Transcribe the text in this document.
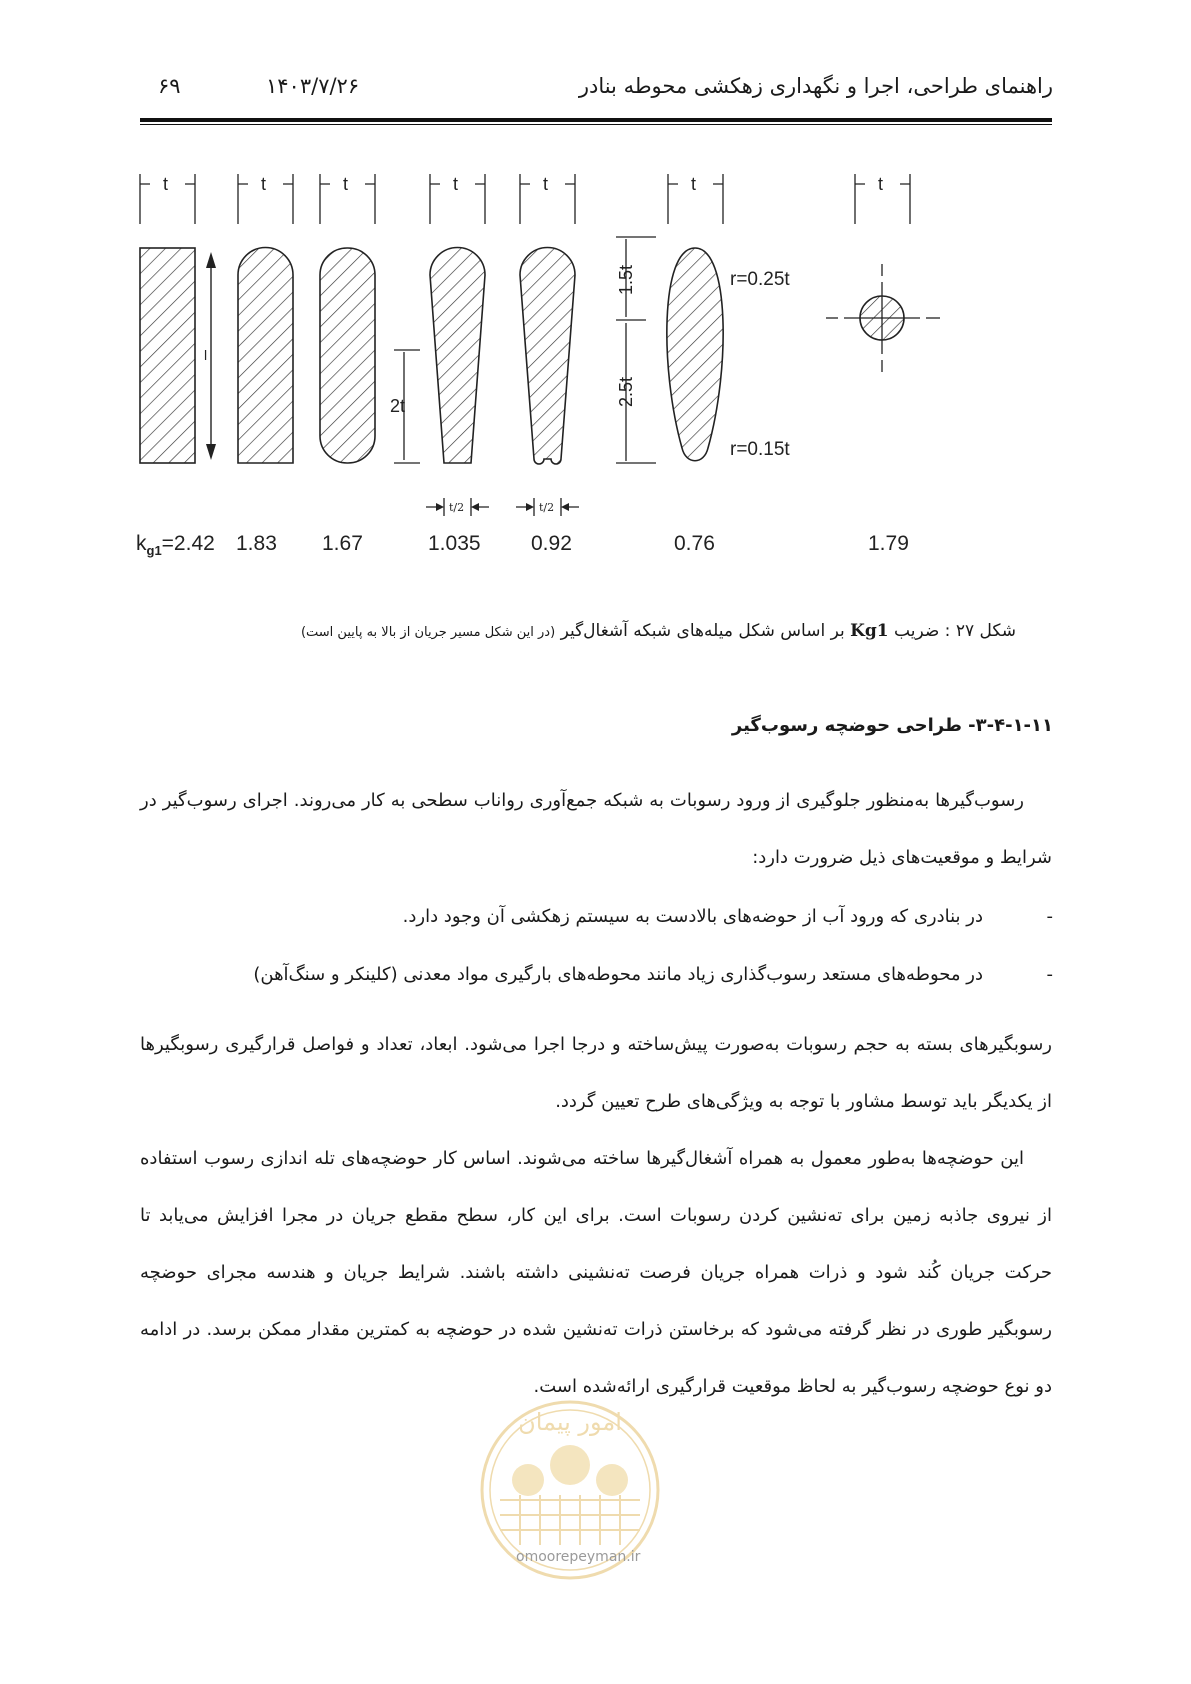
راهنمای طراحی، اجرا و نگهداری زهکشی محوطه بنادر
۱۴۰۳/۷/۲۶
۶۹
t	t	t	t	t	t	t
l
2t
1.5t
2.5t
r=0.25t
r=0.15t
t/2	t/2
$k_{g1}=2.42$ 1.83 1.67	1.035 0.92	0.76	1.79
شکل ۲۷ : ضریب Kg1 بر اساس شکل میله‌های شبکه آشغال‌گیر (در این شکل مسیر جریان از بالا به پایین است)
۳-۴-۱-۱۱- طراحی حوضچه رسوب‌گیر
رسوب‌گیرها به‌منظور جلوگیری از ورود رسوبات به شبکه جمع‌آوری رواناب سطحی به کار می‌روند. اجرای رسوب‌گیر در شرایط و موقعیت‌های ذیل ضرورت دارد:
-
در بنادری که ورود آب از حوضه‌های بالادست به سیستم زهکشی آن وجود دارد.
-
در محوطه‌های مستعد رسوب‌گذاری زیاد مانند محوطه‌های بارگیری مواد معدنی (کلینکر و سنگ‌آهن)
رسوبگیرهای بسته به حجم رسوبات به‌صورت پیش‌ساخته و درجا اجرا می‌شود. ابعاد، تعداد و فواصل قرارگیری رسوبگیرها از یکدیگر باید توسط مشاور با توجه به ویژگی‌های طرح تعیین گردد.
این حوضچه‌ها به‌طور معمول به همراه آشغال‌گیرها ساخته می‌شوند. اساس کار حوضچه‌های تله اندازی رسوب استفاده از نیروی جاذبه زمین برای ته‌نشین کردن رسوبات است. برای این کار، سطح مقطع جریان در مجرا افزایش می‌یابد تا حرکت جریان کُند شود و ذرات همراه جریان فرصت ته‌نشینی داشته باشند. شرایط جریان و هندسه مجرای حوضچه رسوبگیر طوری در نظر گرفته می‌شود که برخاستن ذرات ته‌نشین شده در حوضچه به کمترین مقدار ممکن برسد. در ادامه دو نوع حوضچه رسوب‌گیر به لحاظ موقعیت قرارگیری ارائه‌شده است.
امور پیمان
omoorepeyman.ir
